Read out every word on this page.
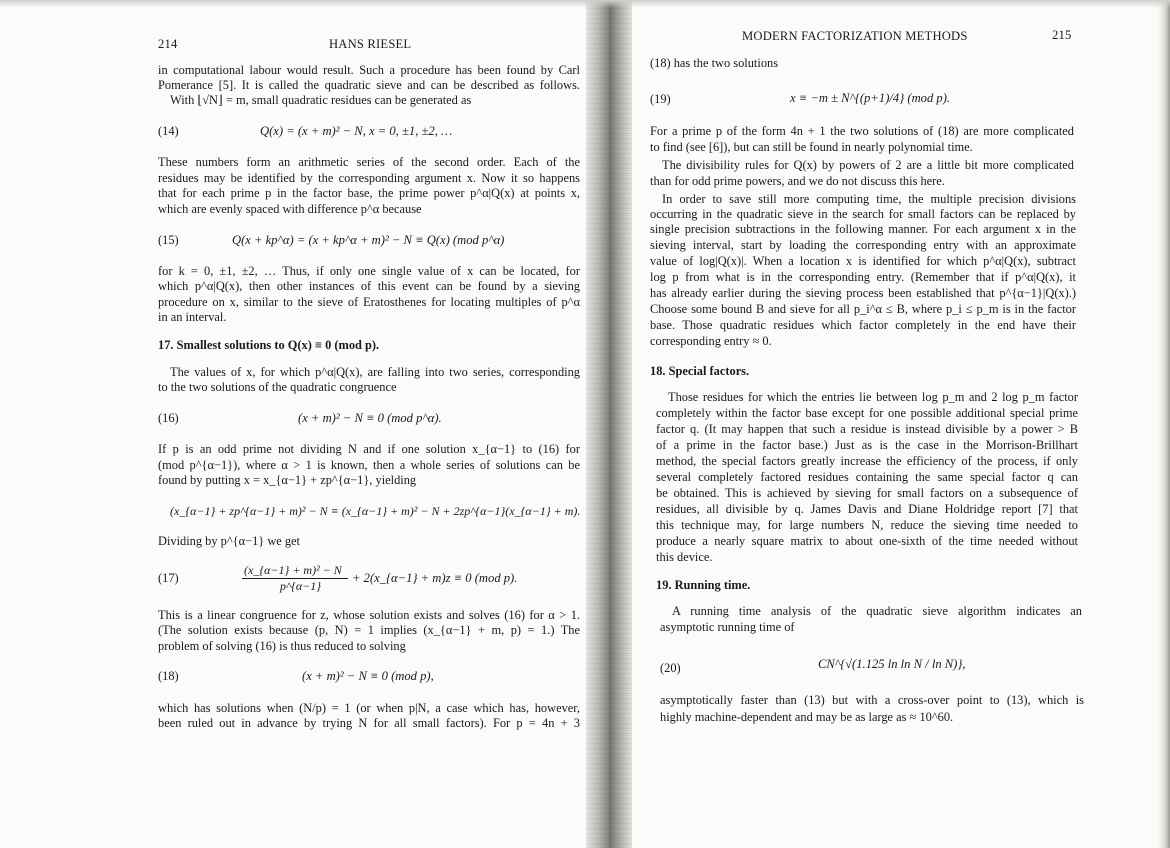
214	HANS RIESEL
in computational labour would result. Such a procedure has been found by Carl
Pomerance [5]. It is called the quadratic sieve and can be described as follows.
With ⌊√N⌋ = m, small quadratic residues can be generated as
(14)	Q(x) = (x + m)² − N, x = 0, ±1, ±2, …
These numbers form an arithmetic series of the second order. Each of the
residues may be identified by the corresponding argument x. Now it so happens
that for each prime p in the factor base, the prime power p^α|Q(x) at points x,
which are evenly spaced with difference p^α because
(15)	Q(x + kp^α) = (x + kp^α + m)² − N ≡ Q(x) (mod p^α)
for k = 0, ±1, ±2, … Thus, if only one single value of x can be located, for
which p^α|Q(x), then other instances of this event can be found by a sieving
procedure on x, similar to the sieve of Eratosthenes for locating multiples of p^α
in an interval.
17. Smallest solutions to Q(x) ≡ 0 (mod p).
The values of x, for which p^α|Q(x), are falling into two series, corresponding
to the two solutions of the quadratic congruence
(16)	(x + m)² − N ≡ 0 (mod p^α).
If p is an odd prime not dividing N and if one solution x_{α−1} to (16) for
(mod p^{α−1}), where α > 1 is known, then a whole series of solutions can be
found by putting x = x_{α−1} + zp^{α−1}, yielding
(x_{α−1} + zp^{α−1} + m)² − N ≡ (x_{α−1} + m)² − N + 2zp^{α−1}(x_{α−1} + m).
Dividing by p^{α−1} we get
(17)
(x_{α−1} + m)² − N
p^{α−1}
+ 2(x_{α−1} + m)z ≡ 0 (mod p).
This is a linear congruence for z, whose solution exists and solves (16) for α > 1.
(The solution exists because (p, N) = 1 implies (x_{α−1} + m, p) = 1.) The
problem of solving (16) is thus reduced to solving
(18)	(x + m)² − N ≡ 0 (mod p),
which has solutions when (N/p) = 1 (or when p|N, a case which has, however,
been ruled out in advance by trying N for all small factors). For p = 4n + 3
MODERN FACTORIZATION METHODS	215
(18) has the two solutions
(19)	x ≡ −m ± N^{(p+1)/4} (mod p).
For a prime p of the form 4n + 1 the two solutions of (18) are more complicated
to find (see [6]), but can still be found in nearly polynomial time.
The divisibility rules for Q(x) by powers of 2 are a little bit more complicated
than for odd prime powers, and we do not discuss this here.
In order to save still more computing time, the multiple precision divisions
occurring in the quadratic sieve in the search for small factors can be replaced by
single precision subtractions in the following manner. For each argument x in the
sieving interval, start by loading the corresponding entry with an approximate
value of log|Q(x)|. When a location x is identified for which p^α|Q(x), subtract
log p from what is in the corresponding entry. (Remember that if p^α|Q(x), it
has already earlier during the sieving process been established that p^{α−1}|Q(x).)
Choose some bound B and sieve for all p_i^α ≤ B, where p_i ≤ p_m is in the factor
base. Those quadratic residues which factor completely in the end have their
corresponding entry ≈ 0.
18. Special factors.
Those residues for which the entries lie between log p_m and 2 log p_m factor
completely within the factor base except for one possible additional special prime
factor q. (It may happen that such a residue is instead divisible by a power > B
of a prime in the factor base.) Just as is the case in the Morrison-Brillhart
method, the special factors greatly increase the efficiency of the process, if only
several completely factored residues containing the same special factor q can
be obtained. This is achieved by sieving for small factors on a subsequence of
residues, all divisible by q. James Davis and Diane Holdridge report [7] that
this technique may, for large numbers N, reduce the sieving time needed to
produce a nearly square matrix to about one-sixth of the time needed without
this device.
19. Running time.
A running time analysis of the quadratic sieve algorithm indicates an
asymptotic running time of
(20)	CN^{√(1.125 ln ln N / ln N)},
asymptotically faster than (13) but with a cross-over point to (13), which is
highly machine-dependent and may be as large as ≈ 10^60.
